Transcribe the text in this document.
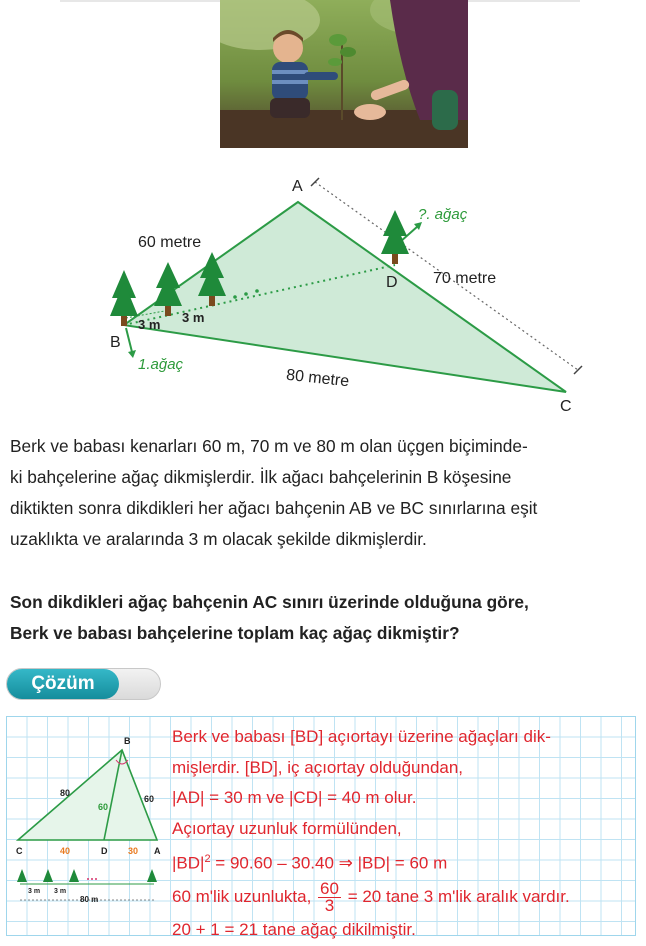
A
B
C
D
60 metre
70 metre
80 metre
3 m 3 m
1.ağaç
?. ağaç
Berk ve babası kenarları 60 m, 70 m ve 80 m olan üçgen biçiminde-
ki bahçelerine ağaç dikmişlerdir. İlk ağacı bahçelerinin B köşesine
diktikten sonra dikdikleri her ağacı bahçenin AB ve BC sınırlarına eşit
uzaklıkta ve aralarında 3 m olacak şekilde dikmişlerdir.
Son dikdikleri ağaç bahçenin AC sınırı üzerinde olduğuna göre,
Berk ve babası bahçelerine toplam kaç ağaç dikmiştir?
Çözüm
B
C	D	A
80
60
60
40	30
3 m 3 m
80 m
Berk ve babası [BD] açıortayı üzerine ağaçları dik-
mişlerdir. [BD], iç açıortay olduğundan,
|AD| = 30 m ve |CD| = 40 m olur.
Açıortay uzunluk formülünden,
$|BD|^2 = 90.60 - 30.40$ ⇒ |BD| = 60 m
60 m'lik uzunlukta, $\frac{60}{3} = 20$ tane 3 m'lik aralık vardır.
20 + 1 = 21 tane ağaç dikilmiştir.
